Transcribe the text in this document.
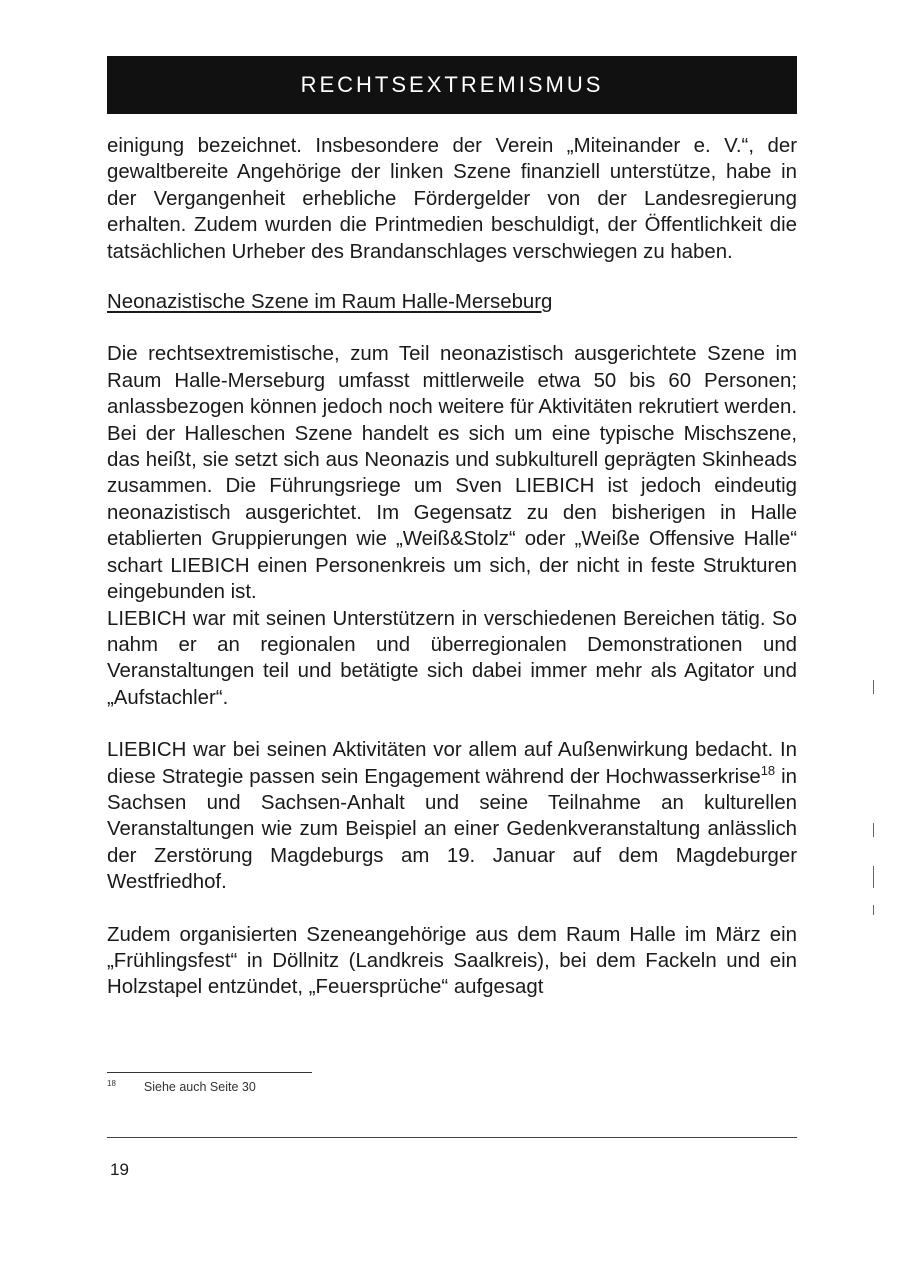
RECHTSEXTREMISMUS

einigung bezeichnet. Insbesondere der Verein „Miteinander e. V.“, der gewaltbereite Angehörige der linken Szene finanziell unterstütze, habe in der Vergangenheit erhebliche Fördergelder von der Landesregierung erhalten. Zudem wurden die Printmedien beschuldigt, der Öffentlichkeit die tatsächlichen Urheber des Brandanschlages verschwiegen zu haben.

Neonazistische Szene im Raum Halle-Merseburg

Die rechtsextremistische, zum Teil neonazistisch ausgerichtete Szene im Raum Halle-Merseburg umfasst mittlerweile etwa 50 bis 60 Personen; anlassbezogen können jedoch noch weitere für Aktivitäten rekrutiert werden. Bei der Halleschen Szene handelt es sich um eine typische Mischszene, das heißt, sie setzt sich aus Neonazis und subkulturell geprägten Skinheads zusammen. Die Führungsriege um Sven LIEBICH ist jedoch eindeutig neonazistisch ausgerichtet. Im Gegensatz zu den bisherigen in Halle etablierten Gruppierungen wie „Weiß&Stolz“ oder „Weiße Offensive Halle“ schart LIEBICH einen Personenkreis um sich, der nicht in feste Strukturen eingebunden ist.

LIEBICH war mit seinen Unterstützern in verschiedenen Bereichen tätig. So nahm er an regionalen und überregionalen Demonstrationen und Veranstaltungen teil und betätigte sich dabei immer mehr als Agitator und „Aufstachler“.

LIEBICH war bei seinen Aktivitäten vor allem auf Außenwirkung bedacht. In diese Strategie passen sein Engagement während der Hochwasserkrise$^{18}$ in Sachsen und Sachsen-Anhalt und seine Teilnahme an kulturellen Veranstaltungen wie zum Beispiel an einer Gedenkveranstaltung anlässlich der Zerstörung Magdeburgs am 19. Januar auf dem Magdeburger Westfriedhof.

Zudem organisierten Szeneangehörige aus dem Raum Halle im März ein „Frühlingsfest“ in Döllnitz (Landkreis Saalkreis), bei dem Fackeln und ein Holzstapel entzündet, „Feuersprüche“ aufgesagt

$^{18}$ Siehe auch Seite 30
19
